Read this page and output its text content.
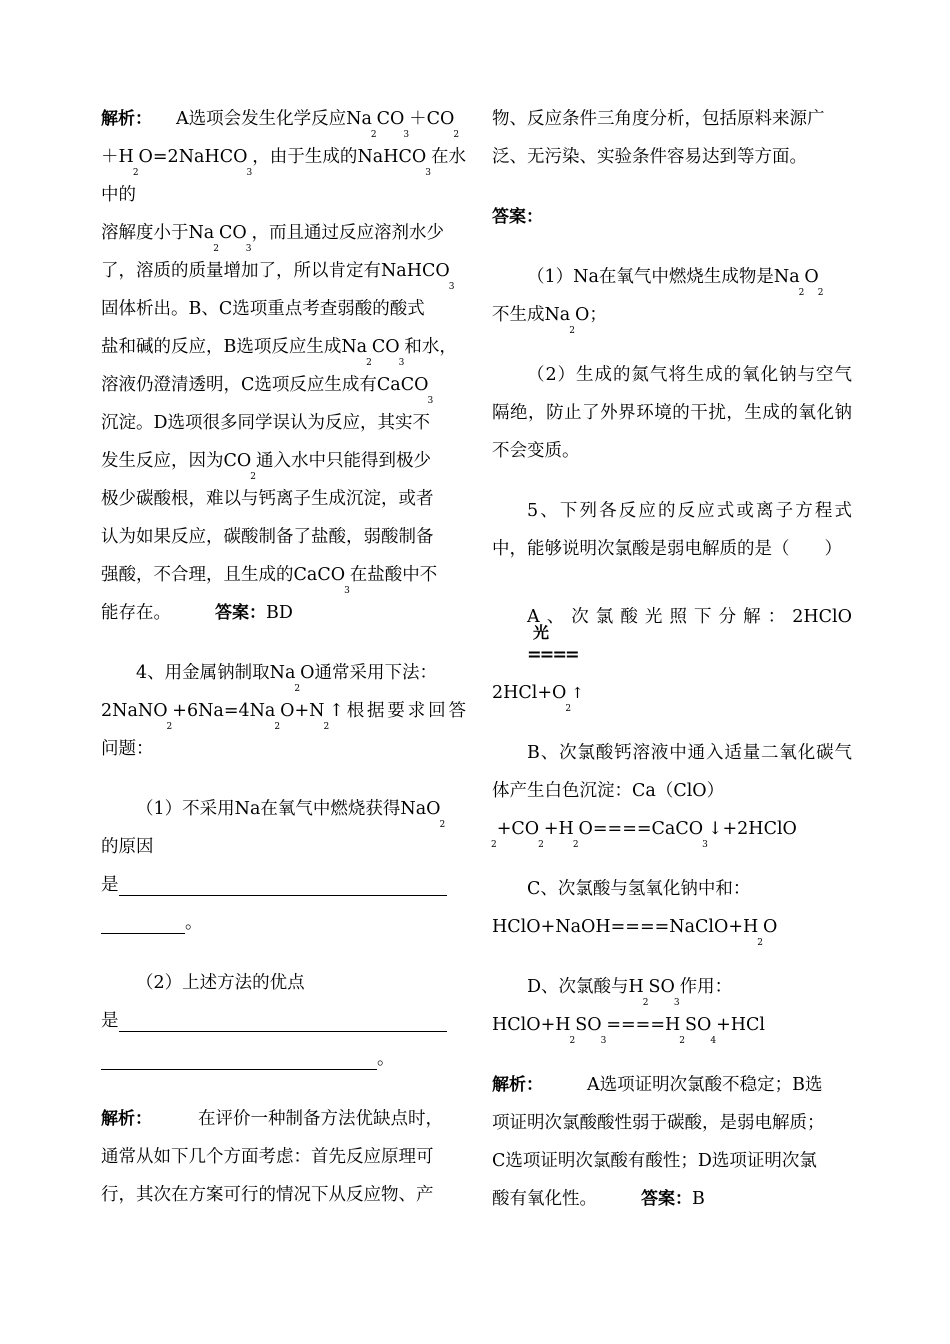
解析： A选项会发生化学反应$Na_2CO_3+CO_2$
$+H_2O=2NaHCO_3$，由于生成的NaHCO$_3$在水中的
溶解度小于$Na_2CO_3$，而且通过反应溶剂水少
了，溶质的质量增加了，所以肯定有NaHCO$_3$
固体析出。B、C选项重点考查弱酸的酸式
盐和碱的反应，B选项反应生成$Na_2CO_3$和水，
溶液仍澄清透明，C选项反应生成有CaCO$_3$
沉淀。D选项很多同学误认为反应，其实不
发生反应，因为$CO_2$通入水中只能得到极少
极少碳酸根，难以与钙离子生成沉淀，或者
认为如果反应，碳酸制备了盐酸，弱酸制备
强酸，不合理，且生成的CaCO$_3$在盐酸中不
能存在。	答案：BD

4、用金属钠制取$Na_2O$通常采用下法：

$2NaNO_2+6Na=4Na_2O+N_2↑$根据要求回答问题：

（1）不采用Na在氧气中燃烧获得NaO$_2$
的原因
是
。

（2）上述方法的优点
是
。

解析：	在评价一种制备方法优缺点时，
通常从如下几个方面考虑：首先反应原理可
行，其次在方案可行的情况下从反应物、产

物、反应条件三角度分析，包括原料来源广
泛、无污染、实验条件容易达到等方面。

答案：

（1）Na在氧气中燃烧生成物是$Na_2O_2$
不生成$Na_2O$；

（2）生成的氮气将生成的氧化钠与空气隔绝，防止了外界环境的干扰，生成的氧化钠不会变质。

5、下列各反应的反应式或离子方程式中，能够说明次氯酸是弱电解质的是（　　）

A、次氯酸光照下分解：2HClO
光
====

$2HCl+O_2↑$

B、次氯酸钙溶液中通入适量二氧化碳气体产生白色沉淀：Ca（ClO）

$_2+CO_2+H_2O====CaCO_3↓+2HClO$

C、次氯酸与氢氧化钠中和：

$HClO+NaOH====NaClO+H_2O$

D、次氯酸与$H_2SO_3$作用：

$HClO+H_2SO_3====H_2SO_4+HCl$

解析：	A选项证明次氯酸不稳定；B选
项证明次氯酸酸性弱于碳酸，是弱电解质；
C选项证明次氯酸有酸性；D选项证明次氯
酸有氧化性。	答案：B
